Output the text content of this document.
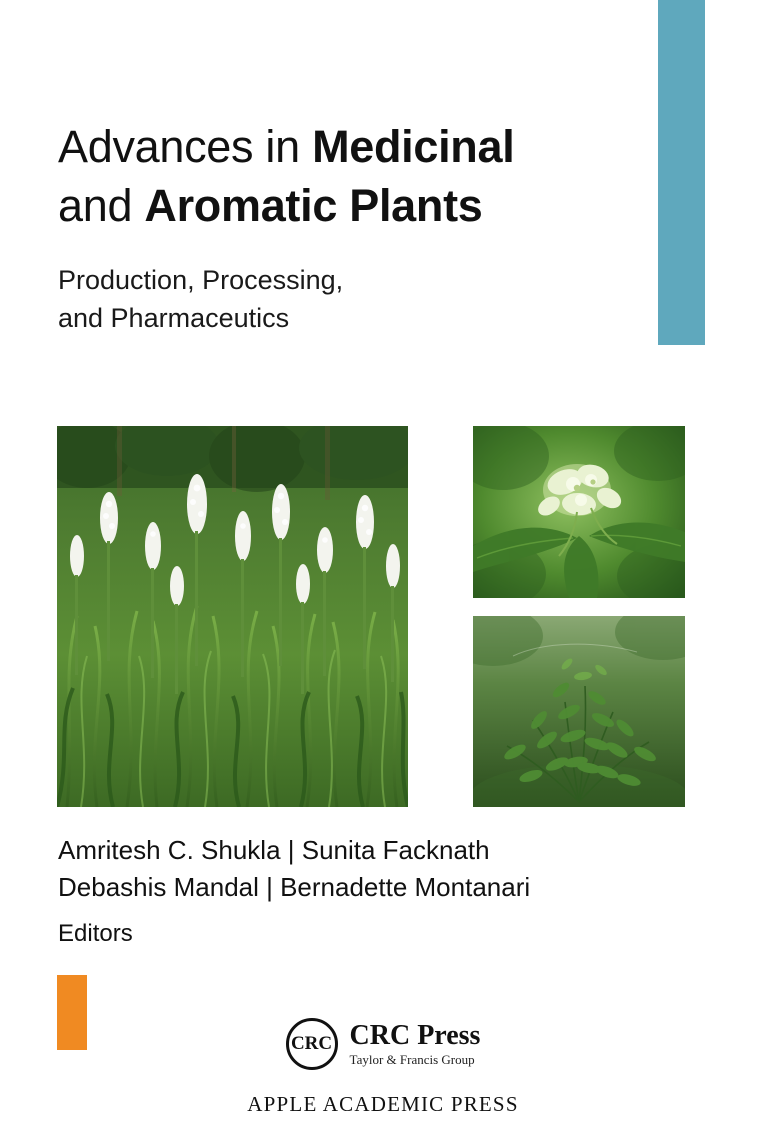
Advances in Medicinal
and Aromatic Plants
Production, Processing,
and Pharmaceutics
Amritesh C. Shukla | Sunita Facknath
Debashis Mandal | Bernadette Montanari
Editors
CRC CRC Press
Taylor & Francis Group
APPLE ACADEMIC PRESS
